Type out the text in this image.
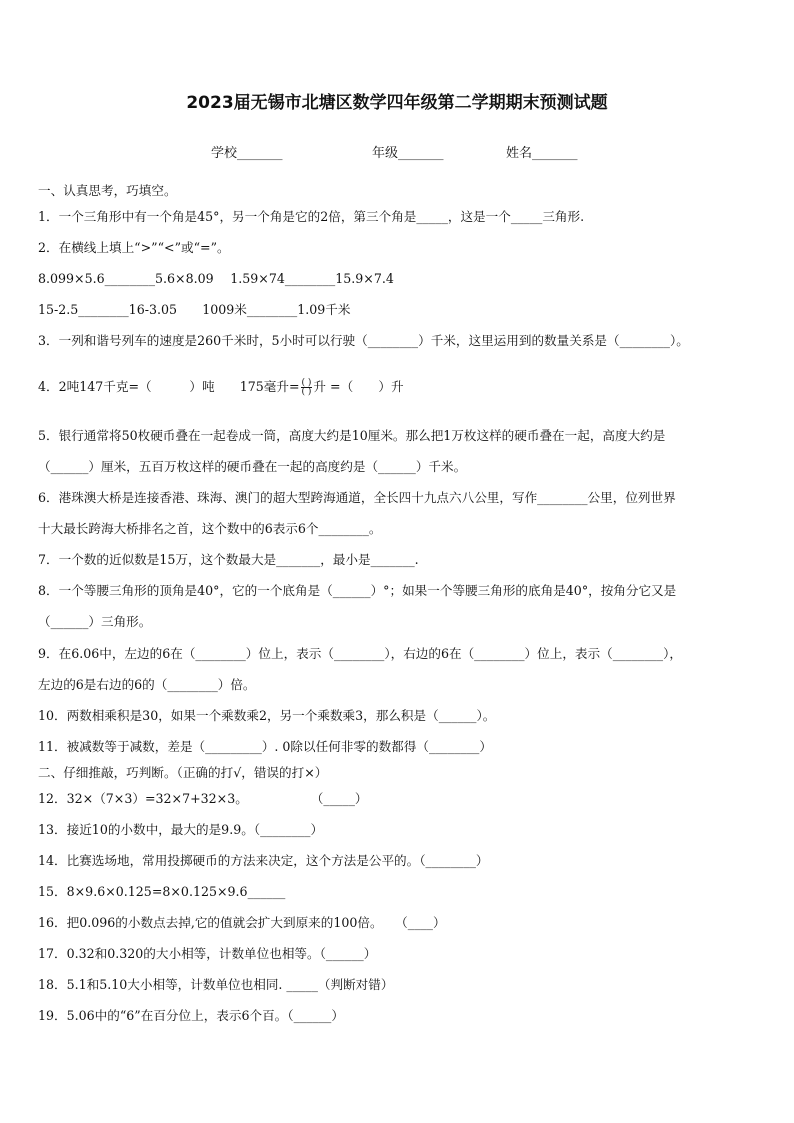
2023届无锡市北塘区数学四年级第二学期期末预测试题
学校_______	年级_______	姓名_______
一、认真思考，巧填空。
1．一个三角形中有一个角是45°，另一个角是它的2倍，第三个角是_____，这是一个_____三角形.
2．在横线上填上“>”“<”或“=”。
8.099×5.6________5.6×8.09　 1.59×74________15.9×7.4
15-2.5________16-3.05　　1009米________1.09千米
3．一列和谐号列车的速度是260千米时，5小时可以行驶（________）千米，这里运用到的数量关系是（________）。
4．2吨147千克=（　　　）吨　　175毫升= $\frac{( )}{( )}$ 升 =（　　）升
5．银行通常将50枚硬币叠在一起卷成一筒，高度大约是10厘米。那么把1万枚这样的硬币叠在一起，高度大约是
（______）厘米，五百万枚这样的硬币叠在一起的高度约是（______）千米。
6．港珠澳大桥是连接香港、珠海、澳门的超大型跨海通道，全长四十九点六八公里，写作________公里，位列世界
十大最长跨海大桥排名之首，这个数中的6表示6个________。
7．一个数的近似数是15万，这个数最大是_______，最小是_______.
8．一个等腰三角形的顶角是40°，它的一个底角是（______）°；如果一个等腰三角形的底角是40°，按角分它又是
（______）三角形。
9．在6.06中，左边的6在（________）位上，表示（________），右边的6在（________）位上，表示（________），
左边的6是右边的6的（________）倍。
10．两数相乘积是30，如果一个乘数乘2，另一个乘数乘3，那么积是（______）。
11．被减数等于减数，差是（_________）. 0除以任何非零的数都得（________）
二、仔细推敲，巧判断。（正确的打√，错误的打×）
12．32×（7×3）=32×7+32×3。　　　　　　（_____）
13．接近10的小数中，最大的是9.9。（________）
14．比赛选场地，常用投掷硬币的方法来决定，这个方法是公平的。（________）
15．8×9.6×0.125=8×0.125×9.6______
16．把0.096的小数点去掉,它的值就会扩大到原来的100倍。　　（____）
17．0.32和0.320的大小相等，计数单位也相等。（______）
18．5.1和5.10大小相等，计数单位也相同. _____（判断对错）
19．5.06中的“6”在百分位上，表示6个百。（______）
